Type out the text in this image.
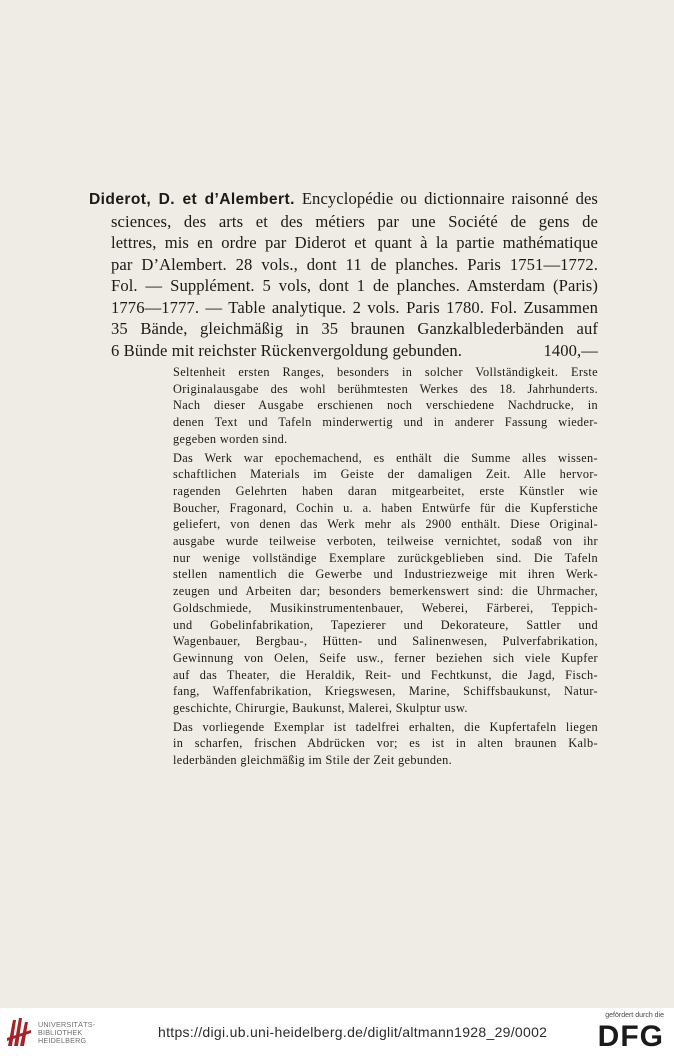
Diderot, D. et d’Alembert. Encyclopédie ou dictionnaire raisonné des
sciences, des arts et des métiers par une Société de gens de
lettres, mis en ordre par Diderot et quant à la partie mathématique
par D’Alembert. 28 vols., dont 11 de planches. Paris 1751—1772.
Fol. — Supplément. 5 vols, dont 1 de planches. Amsterdam (Paris)
1776—1777. — Table analytique. 2 vols. Paris 1780. Fol. Zusammen
35 Bände, gleichmäßig in 35 braunen Ganzkalblederbänden auf
6 Bünde mit reichster Rückenvergoldung gebunden.	1400,—

Seltenheit ersten Ranges, besonders in solcher Vollständigkeit. Erste
Originalausgabe des wohl berühmtesten Werkes des 18. Jahrhunderts.
Nach dieser Ausgabe erschienen noch verschiedene Nachdrucke, in
denen Text und Tafeln minderwertig und in anderer Fassung wieder-
gegeben worden sind.

Das Werk war epochemachend, es enthält die Summe alles wissen-
schaftlichen Materials im Geiste der damaligen Zeit. Alle hervor-
ragenden Gelehrten haben daran mitgearbeitet, erste Künstler wie
Boucher, Fragonard, Cochin u. a. haben Entwürfe für die Kupferstiche
geliefert, von denen das Werk mehr als 2900 enthält. Diese Original-
ausgabe wurde teilweise verboten, teilweise vernichtet, sodaß von ihr
nur wenige vollständige Exemplare zurückgeblieben sind. Die Tafeln
stellen namentlich die Gewerbe und Industriezweige mit ihren Werk-
zeugen und Arbeiten dar; besonders bemerkenswert sind: die Uhrmacher,
Goldschmiede, Musikinstrumentenbauer, Weberei, Färberei, Teppich-
und Gobelinfabrikation, Tapezierer und Dekorateure, Sattler und
Wagenbauer, Bergbau-, Hütten- und Salinenwesen, Pulverfabrikation,
Gewinnung von Oelen, Seife usw., ferner beziehen sich viele Kupfer
auf das Theater, die Heraldik, Reit- und Fechtkunst, die Jagd, Fisch-
fang, Waffenfabrikation, Kriegswesen, Marine, Schiffsbaukunst, Natur-
geschichte, Chirurgie, Baukunst, Malerei, Skulptur usw.

Das vorliegende Exemplar ist tadelfrei erhalten, die Kupfertafeln liegen
in scharfen, frischen Abdrücken vor; es ist in alten braunen Kalb-
lederbänden gleichmäßig im Stile der Zeit gebunden.

UNIVERSITÄTS-
BIBLIOTHEK
HEIDELBERG
https://digi.ub.uni-heidelberg.de/diglit/altmann1928_29/0002
gefördert durch die
DFG
